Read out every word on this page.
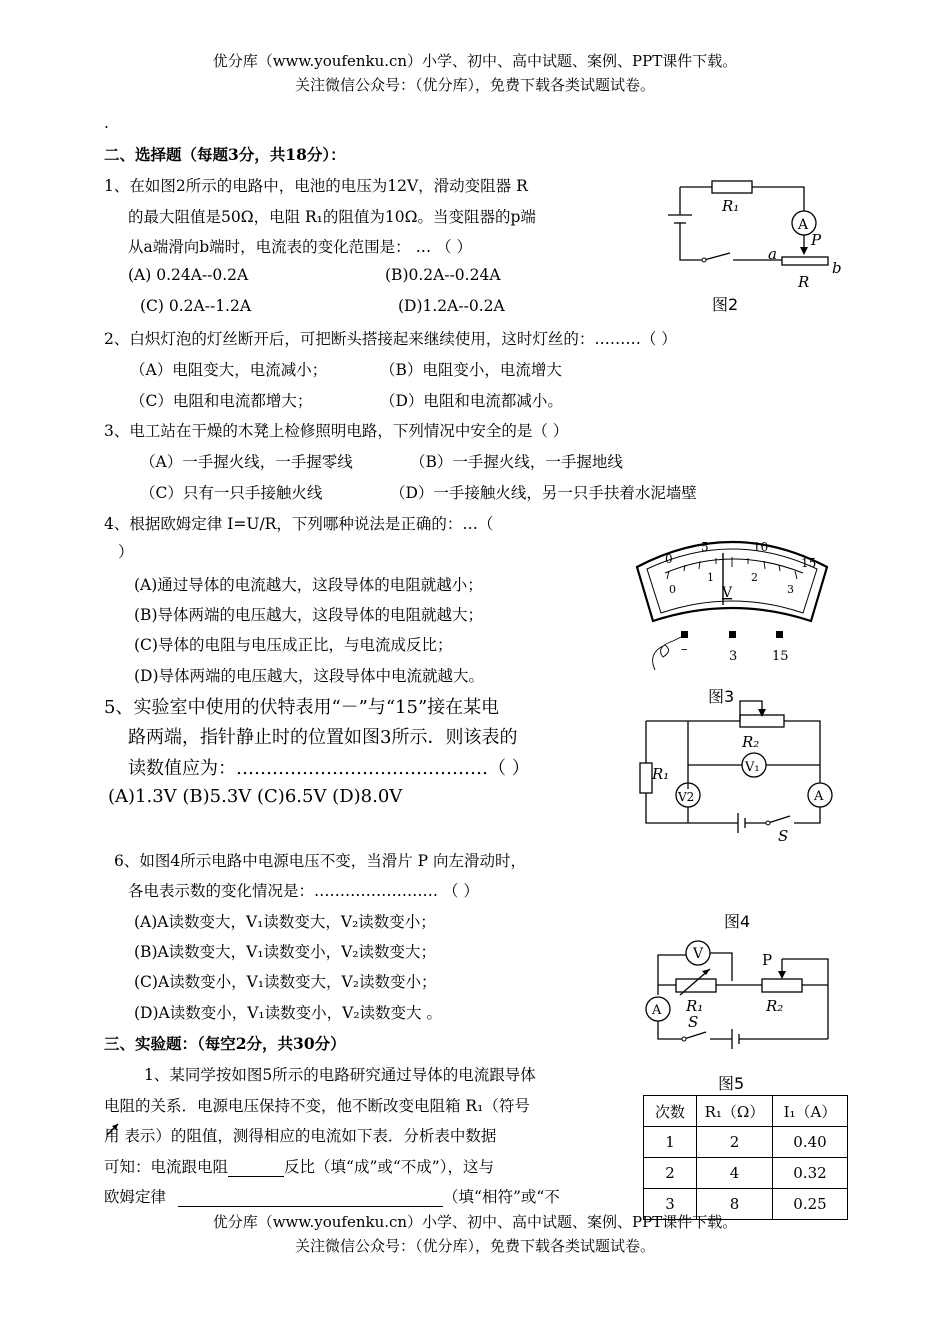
优分库（www.youfenku.cn）小学、初中、高中试题、案例、PPT课件下载。
关注微信公众号：（优分库），免费下载各类试题试卷。
.
二、选择题（每题3分，共18分）：
1、在如图2所示的电路中，电池的电压为12V，滑动变阻器 R
的最大阻值是50Ω，电阻 R₁的阻值为10Ω。当变阻器的p端
从a端滑向b端时，电流表的变化范围是： … （ ）
(A) 0.24A--0.2A	(B)0.2A--0.24A
(C) 0.2A--1.2A	(D)1.2A--0.2A
2、白炽灯泡的灯丝断开后，可把断头搭接起来继续使用，这时灯丝的：………（ ）
（A）电阻变大，电流减小；	（B）电阻变小，电流增大
（C）电阻和电流都增大；	（D）电阻和电流都减小。
3、电工站在干燥的木凳上检修照明电路，下列情况中安全的是（ ）
（A）一手握火线，一手握零线	（B）一手握火线，一手握地线
（C）只有一只手接触火线	（D）一手接触火线，另一只手扶着水泥墙壁
4、根据欧姆定律 I=U/R，下列哪种说法是正确的：…（
）
(A)通过导体的电流越大，这段导体的电阻就越小；
(B)导体两端的电压越大，这段导体的电阻就越大；
(C)导体的电阻与电压成正比，与电流成反比；
(D)导体两端的电压越大，这段导体中电流就越大。
5、实验室中使用的伏特表用“－”与“15”接在某电
路两端，指针静止时的位置如图3所示．则该表的
读数值应为：……………………………………（ ）
(A)1.3V (B)5.3V (C)6.5V (D)8.0V
6、如图4所示电路中电源电压不变，当滑片 P 向左滑动时，
各电表示数的变化情况是：…………………… （ ）
(A)A读数变大，V₁读数变大，V₂读数变小；
(B)A读数变大，V₁读数变小，V₂读数变大；
(C)A读数变小，V₁读数变大，V₂读数变小；
(D)A读数变小，V₁读数变小，V₂读数变大 。
三、实验题：（每空2分，共30分）
1、某同学按如图5所示的电路研究通过导体的电流跟导体
电阻的关系．电源电压保持不变，他不断改变电阻箱 R₁（符号
用 表示）的阻值，测得相应的电流如下表．分析表中数据
可知：电流跟电阻	反比（填“成”或“不成”），这与
欧姆定律	（填“相符”或“不
次数	R₁（Ω）	I₁（A）
1	2	0.40
2	4	0.32
3	8	0.25
优分库（www.youfenku.cn）小学、初中、高中试题、案例、PPT课件下载。
关注微信公众号：（优分库），免费下载各类试题试卷。
R₁
A
P
a
b
R
图2
0
5	10
15
0
1	2
3
V
–	3	15
图3
R₂
V₁
R₁
V2	A
S
图4
V	P
R₁	R₂
A
S
图5
